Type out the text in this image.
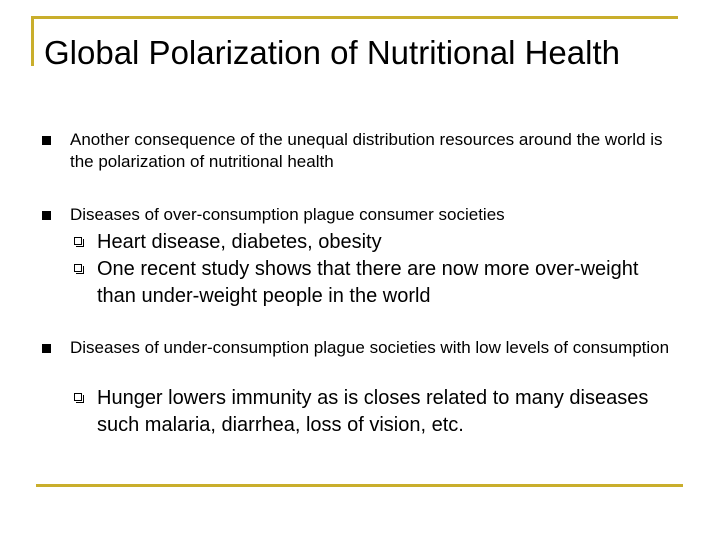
Global Polarization of Nutritional Health
Another consequence of the unequal distribution resources around the world is the polarization of nutritional health
Diseases of over-consumption plague consumer societies
Heart disease, diabetes, obesity
One recent study shows that there are now more over-weight than under-weight people in the world
Diseases of under-consumption plague societies with low levels of consumption
Hunger lowers immunity as is closes related to many diseases such malaria, diarrhea, loss of vision, etc.
